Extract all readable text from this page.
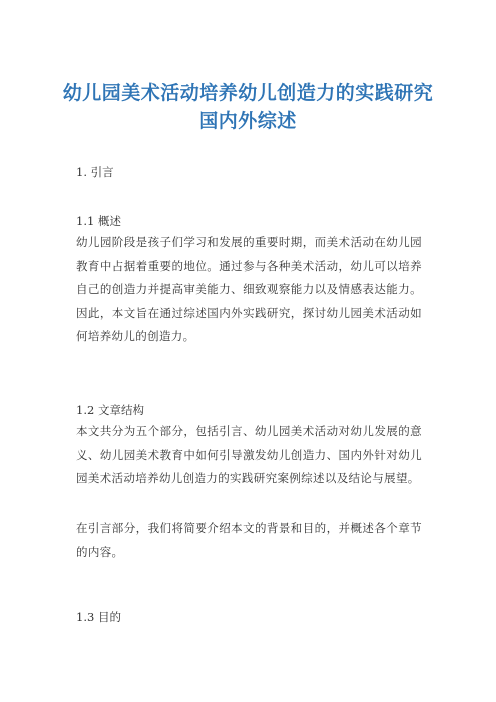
幼儿园美术活动培养幼儿创造力的实践研究 国内外综述
1. 引言
1.1 概述

幼儿园阶段是孩子们学习和发展的重要时期，而美术活动在幼儿园教育中占据着重要的地位。通过参与各种美术活动，幼儿可以培养自己的创造力并提高审美能力、细致观察能力以及情感表达能力。因此，本文旨在通过综述国内外实践研究，探讨幼儿园美术活动如何培养幼儿的创造力。

1.2 文章结构

本文共分为五个部分，包括引言、幼儿园美术活动对幼儿发展的意义、幼儿园美术教育中如何引导激发幼儿创造力、国内外针对幼儿园美术活动培养幼儿创造力的实践研究案例综述以及结论与展望。

在引言部分，我们将简要介绍本文的背景和目的，并概述各个章节的内容。

1.3 目的
